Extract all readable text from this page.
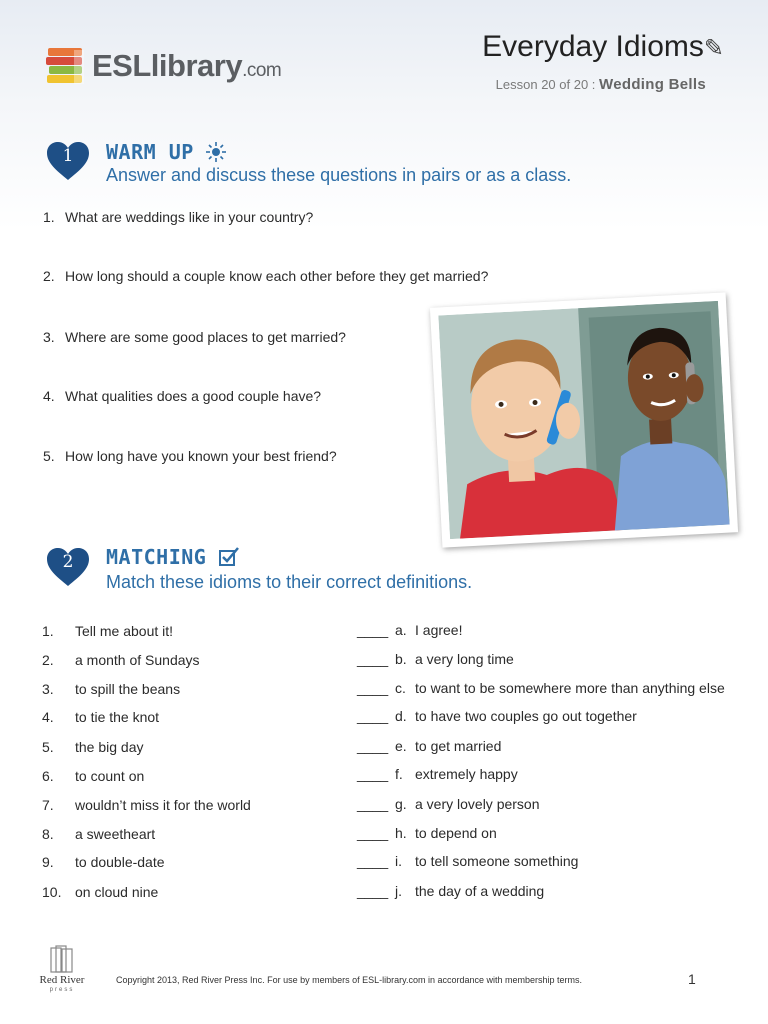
ESLlibrary.com
Everyday Idioms✎
Lesson 20 of 20 : Wedding Bells
1	WARM UP
Answer and discuss these questions in pairs or as a class.
1. What are weddings like in your country?
2. How long should a couple know each other before they get married?
3. Where are some good places to get married?
4. What qualities does a good couple have?
5. How long have you known your best friend?
2	MATCHING
Match these idioms to their correct definitions.
1. Tell me about it!
2. a month of Sundays
3. to spill the beans
4. to tie the knot
5. the big day
6. to count on
7. wouldn’t miss it for the world
8. a sweetheart
9. to double-date
10. on cloud nine
____ a. I agree!
____ b. a very long time
____ c. to want to be somewhere more than anything else
____ d. to have two couples go out together
____ e. to get married
____ f. extremely happy
____ g. a very lovely person
____ h. to depend on
____ i. to tell someone something
____ j. the day of a wedding
Red River
press
Copyright 2013, Red River Press Inc. For use by members of ESL-library.com in accordance with membership terms.	1
